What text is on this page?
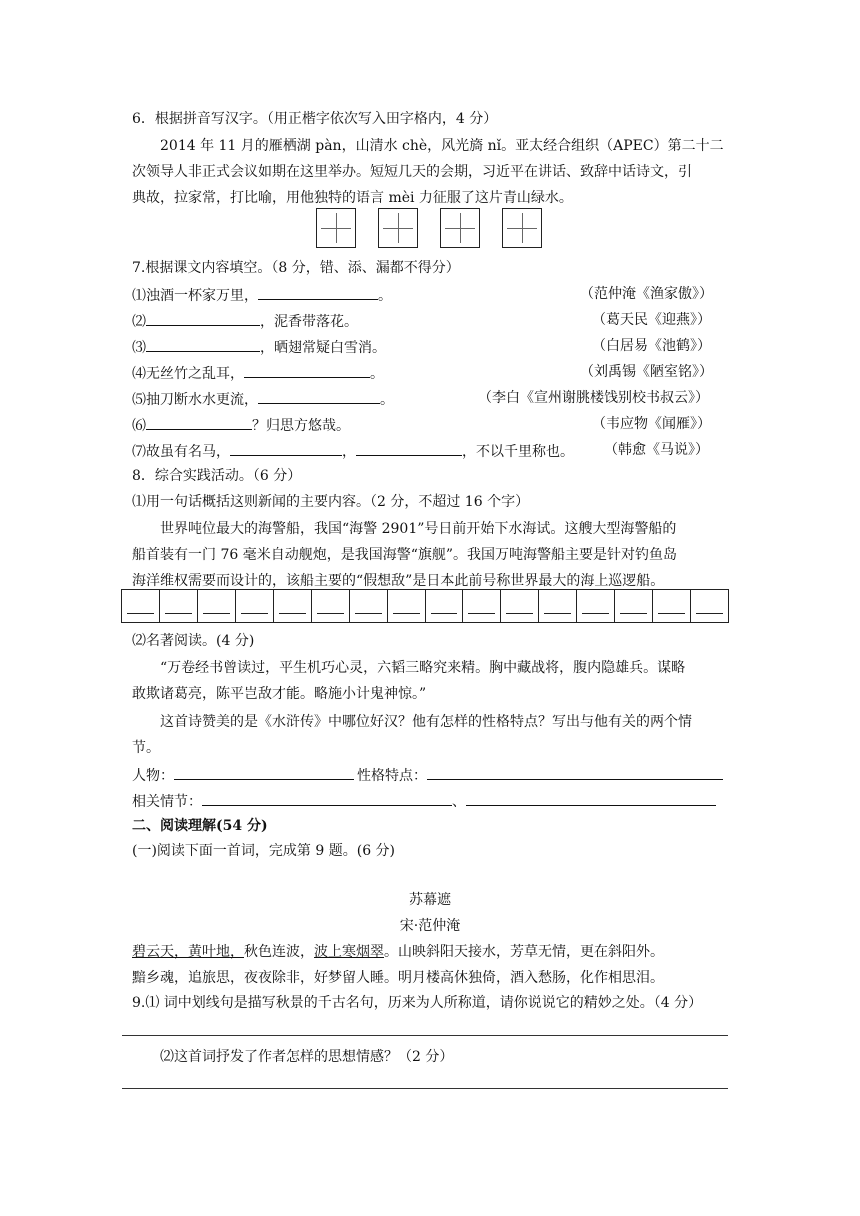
6．根据拼音写汉字。（用正楷字依次写入田字格内，4 分）
2014 年 11 月的雁栖湖 pàn，山清水 chè，风光旖 nǐ。亚太经合组织（APEC）第二十二
次领导人非正式会议如期在这里举办。短短几天的会期，习近平在讲话、致辞中话诗文，引
典故，拉家常，打比喻，用他独特的语言 mèi 力征服了这片青山绿水。
7.根据课文内容填空。（8 分，错、添、漏都不得分）
⑴浊酒一杯家万里，	。	（范仲淹《渔家傲》）
⑵	，泥香带落花。	（葛天民《迎燕》）
⑶	，晒翅常疑白雪消。	（白居易《池鹤》）
⑷无丝竹之乱耳，	。	（刘禹锡《陋室铭》）
⑸抽刀断水水更流，	。	（李白《宣州谢朓楼饯别校书叔云》）
⑹	？归思方悠哉。	（韦应物《闻雁》）
⑺故虽有名马，	，	，不以千里称也。 （韩愈《马说》）
8．综合实践活动。（6 分）
⑴用一句话概括这则新闻的主要内容。（2 分，不超过 16 个字）
世界吨位最大的海警船，我国“海警 2901”号日前开始下水海试。这艘大型海警船的
船首装有一门 76 毫米自动舰炮，是我国海警“旗舰”。我国万吨海警船主要是针对钓鱼岛
海洋维权需要而设计的，该船主要的“假想敌”是日本此前号称世界最大的海上巡逻船。
⑵名著阅读。(4 分)
“万卷经书曾读过，平生机巧心灵，六韬三略究来精。胸中藏战将，腹内隐雄兵。谋略
敢欺诸葛亮，陈平岂敌才能。略施小计鬼神惊。”
这首诗赞美的是《水浒传》中哪位好汉？他有怎样的性格特点？写出与他有关的两个情
节。
人物：	性格特点：
相关情节：	、
二、阅读理解(54 分)
(一)阅读下面一首词，完成第 9 题。(6 分)
苏幕遮
宋·范仲淹
碧云天，黄叶地，秋色连波，波上寒烟翠。山映斜阳天接水，芳草无情，更在斜阳外。
黯乡魂，追旅思，夜夜除非，好梦留人睡。明月楼高休独倚，酒入愁肠，化作相思泪。
9.⑴ 词中划线句是描写秋景的千古名句，历来为人所称道，请你说说它的精妙之处。（4 分）
⑵这首词抒发了作者怎样的思想情感？（2 分）
